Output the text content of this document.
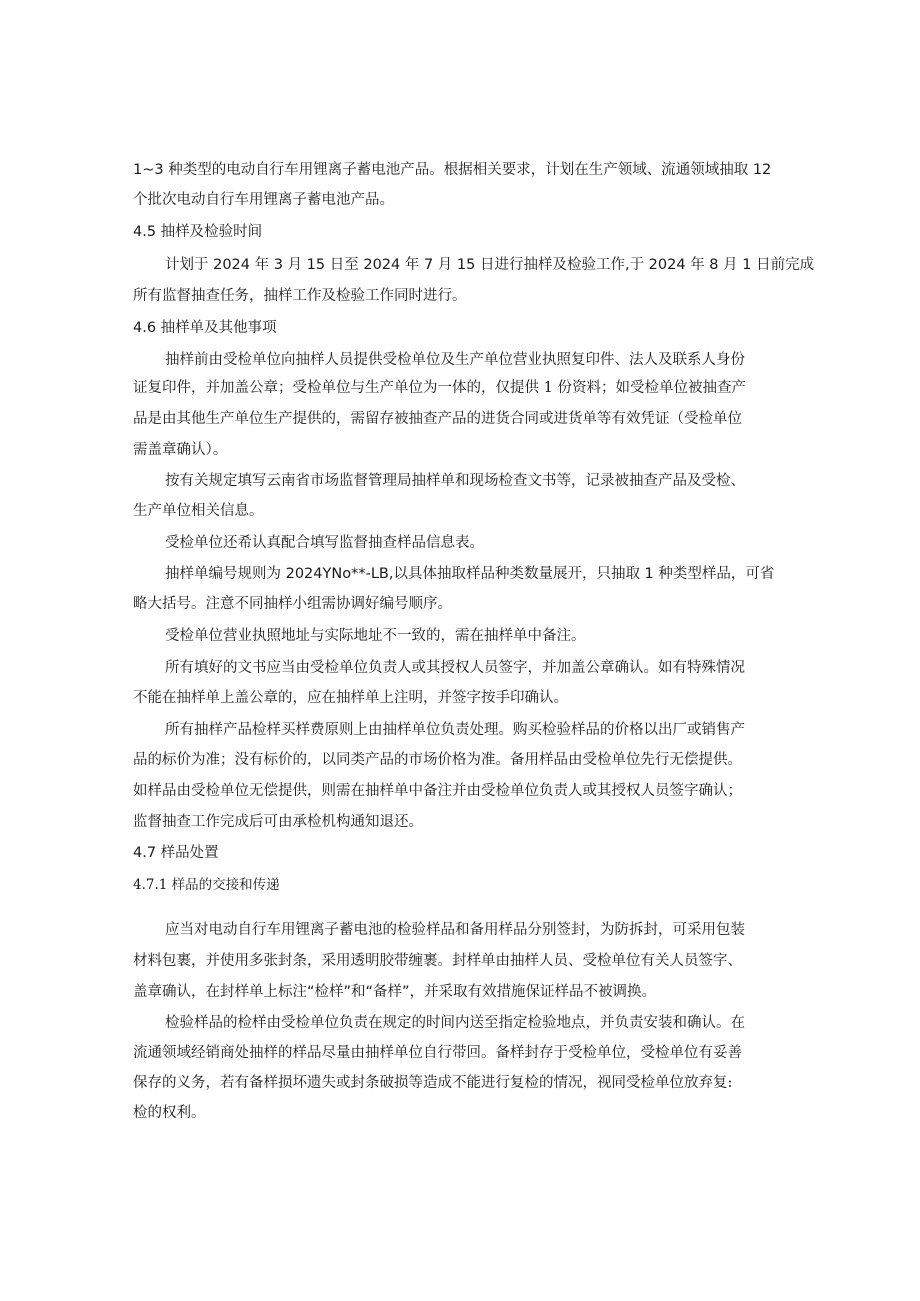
1~3 种类型的电动自行车用锂离子蓄电池产品。根据相关要求，计划在生产领域、流通领域抽取 12

个批次电动自行车用锂离子蓄电池产品。

4.5 抽样及检验时间

计划于 2024 年 3 月 15 日至 2024 年 7 月 15 日进行抽样及检验工作,于 2024 年 8 月 1 日前完成

所有监督抽查任务，抽样工作及检验工作同时进行。

4.6 抽样单及其他事项

抽样前由受检单位向抽样人员提供受检单位及生产单位营业执照复印件、法人及联系人身份

证复印件，并加盖公章；受检单位与生产单位为一体的，仅提供 1 份资料；如受检单位被抽查产

品是由其他生产单位生产提供的，需留存被抽查产品的进货合同或进货单等有效凭证（受检单位

需盖章确认）。

按有关规定填写云南省市场监督管理局抽样单和现场检查文书等，记录被抽查产品及受检、

生产单位相关信息。

受检单位还希认真配合填写监督抽查样品信息表。

抽样单编号规则为 2024YNo**-LB,以具体抽取样品种类数量展开，只抽取 1 种类型样品，可省

略大括号。注意不同抽样小组需协调好编号顺序。

受检单位营业执照地址与实际地址不一致的，需在抽样单中备注。

所有填好的文书应当由受检单位负责人或其授权人员签字，并加盖公章确认。如有特殊情况

不能在抽样单上盖公章的，应在抽样单上注明，并签字按手印确认。

所有抽样产品检样买样费原则上由抽样单位负责处理。购买检验样品的价格以出厂或销售产

品的标价为准；没有标价的，以同类产品的市场价格为准。备用样品由受检单位先行无偿提供。

如样品由受检单位无偿提供，则需在抽样单中备注并由受检单位负责人或其授权人员签字确认；

监督抽查工作完成后可由承检机构通知退还。

4.7 样品处置

4.7.1 样品的交接和传递

应当对电动自行车用锂离子蓄电池的检验样品和备用样品分别签封，为防拆封，可采用包装

材料包裹，并使用多张封条，采用透明胶带缠裹。封样单由抽样人员、受检单位有关人员签字、

盖章确认，在封样单上标注“检样”和“备样”，并采取有效措施保证样品不被调换。

检验样品的检样由受检单位负责在规定的时间内送至指定检验地点，并负责安装和确认。在

流通领域经销商处抽样的样品尽量由抽样单位自行带回。备样封存于受检单位，受检单位有妥善

保存的义务，若有备样损坏遗失或封条破损等造成不能进行复检的情况，视同受检单位放弃复:

检的权利。
